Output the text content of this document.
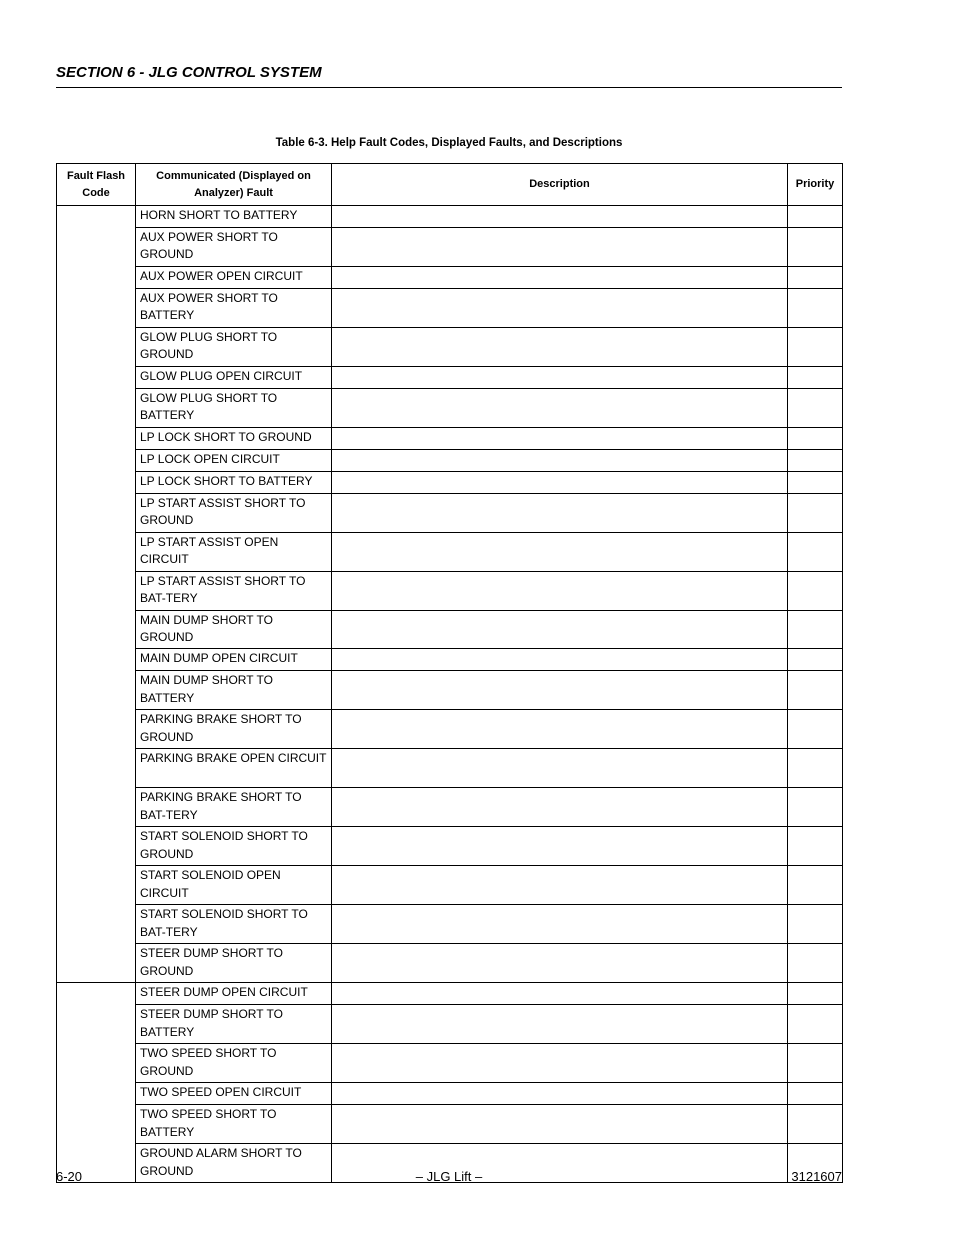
SECTION 6 - JLG CONTROL SYSTEM
Table 6-3. Help Fault Codes, Displayed Faults, and Descriptions
Fault Flash Code	Communicated (Displayed on Analyzer) Fault	Description	Priority
	HORN SHORT TO BATTERY		
	AUX POWER SHORT TO GROUND		
	AUX POWER OPEN CIRCUIT		
	AUX POWER SHORT TO BATTERY		
	GLOW PLUG SHORT TO GROUND		
	GLOW PLUG OPEN CIRCUIT		
	GLOW PLUG SHORT TO BATTERY		
	LP LOCK SHORT TO GROUND		
	LP LOCK OPEN CIRCUIT		
	LP LOCK SHORT TO BATTERY		
	LP START ASSIST SHORT TO GROUND		
	LP START ASSIST OPEN CIRCUIT		
	LP START ASSIST SHORT TO BAT-TERY		
	MAIN DUMP SHORT TO GROUND		
	MAIN DUMP OPEN CIRCUIT		
	MAIN DUMP SHORT TO BATTERY		
	PARKING BRAKE SHORT TO GROUND		
	PARKING BRAKE OPEN CIRCUIT		
	PARKING BRAKE SHORT TO BAT-TERY		
	START SOLENOID SHORT TO GROUND		
	START SOLENOID OPEN CIRCUIT		
	START SOLENOID SHORT TO BAT-TERY		
	STEER DUMP SHORT TO GROUND		
	STEER DUMP OPEN CIRCUIT		
	STEER DUMP SHORT TO BATTERY		
	TWO SPEED SHORT TO GROUND		
	TWO SPEED OPEN CIRCUIT		
	TWO SPEED SHORT TO BATTERY		
	GROUND ALARM SHORT TO GROUND		
6-20	– JLG Lift –	3121607
